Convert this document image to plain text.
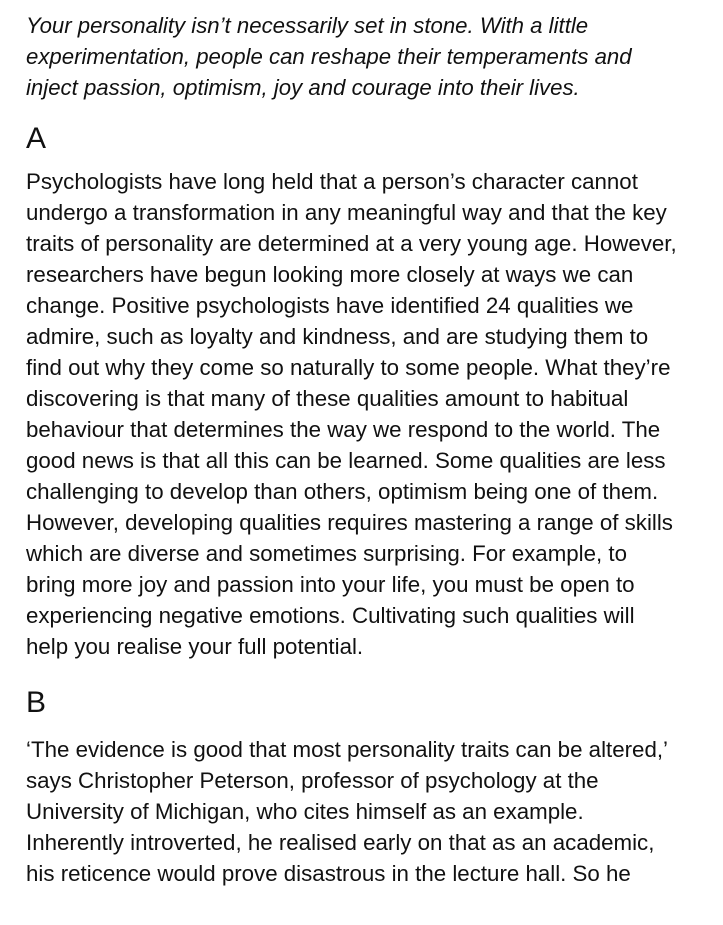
Your personality isn’t necessarily set in stone. With a little
experimentation, people can reshape their temperaments and
inject passion, optimism, joy and courage into their lives.

A

Psychologists have long held that a person’s character cannot
undergo a transformation in any meaningful way and that the key
traits of personality are determined at a very young age. However,
researchers have begun looking more closely at ways we can
change. Positive psychologists have identified 24 qualities we
admire, such as loyalty and kindness, and are studying them to
find out why they come so naturally to some people. What they’re
discovering is that many of these qualities amount to habitual
behaviour that determines the way we respond to the world. The
good news is that all this can be learned. Some qualities are less
challenging to develop than others, optimism being one of them.
However, developing qualities requires mastering a range of skills
which are diverse and sometimes surprising. For example, to
bring more joy and passion into your life, you must be open to
experiencing negative emotions. Cultivating such qualities will
help you realise your full potential.

B

‘The evidence is good that most personality traits can be altered,’
says Christopher Peterson, professor of psychology at the
University of Michigan, who cites himself as an example.
Inherently introverted, he realised early on that as an academic,
his reticence would prove disastrous in the lecture hall. So he
